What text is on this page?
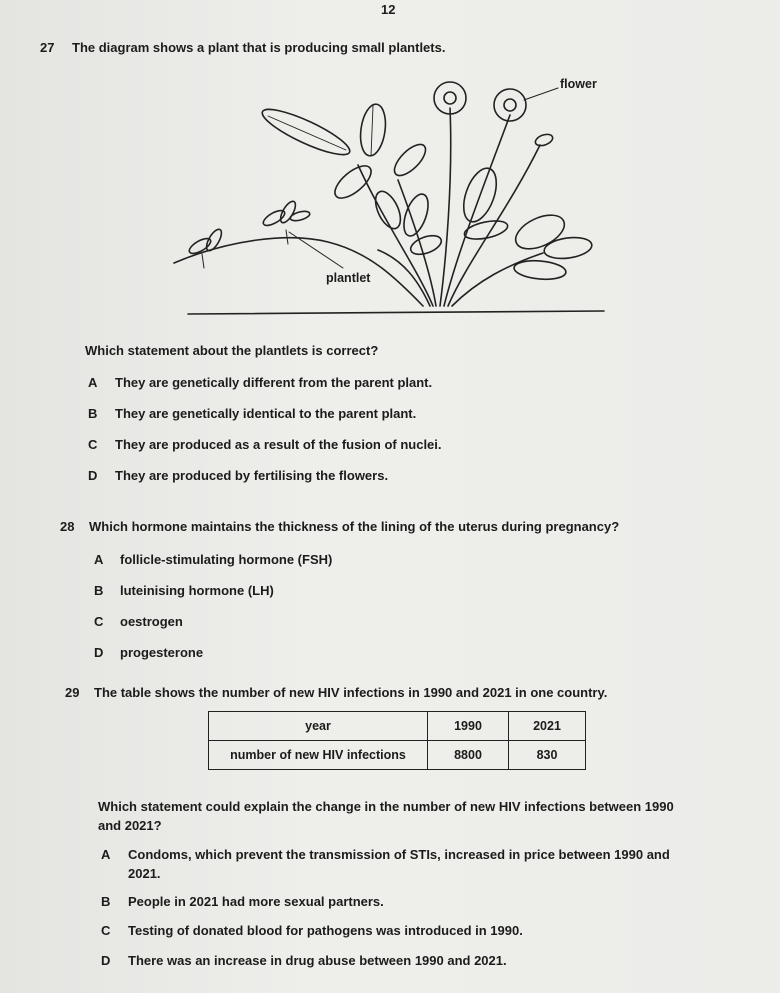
12
27 The diagram shows a plant that is producing small plantlets.
flower
plantlet
Which statement about the plantlets is correct?
A They are genetically different from the parent plant.
B They are genetically identical to the parent plant.
C They are produced as a result of the fusion of nuclei.
D They are produced by fertilising the flowers.
28 Which hormone maintains the thickness of the lining of the uterus during pregnancy?
A follicle-stimulating hormone (FSH)
B luteinising hormone (LH)
C oestrogen
D progesterone
29 The table shows the number of new HIV infections in 1990 and 2021 in one country.
year	1990	2021
number of new HIV infections	8800	830
Which statement could explain the change in the number of new HIV infections between 1990
and 2021?
A Condoms, which prevent the transmission of STIs, increased in price between 1990 and
2021.
B People in 2021 had more sexual partners.
C Testing of donated blood for pathogens was introduced in 1990.
D There was an increase in drug abuse between 1990 and 2021.
